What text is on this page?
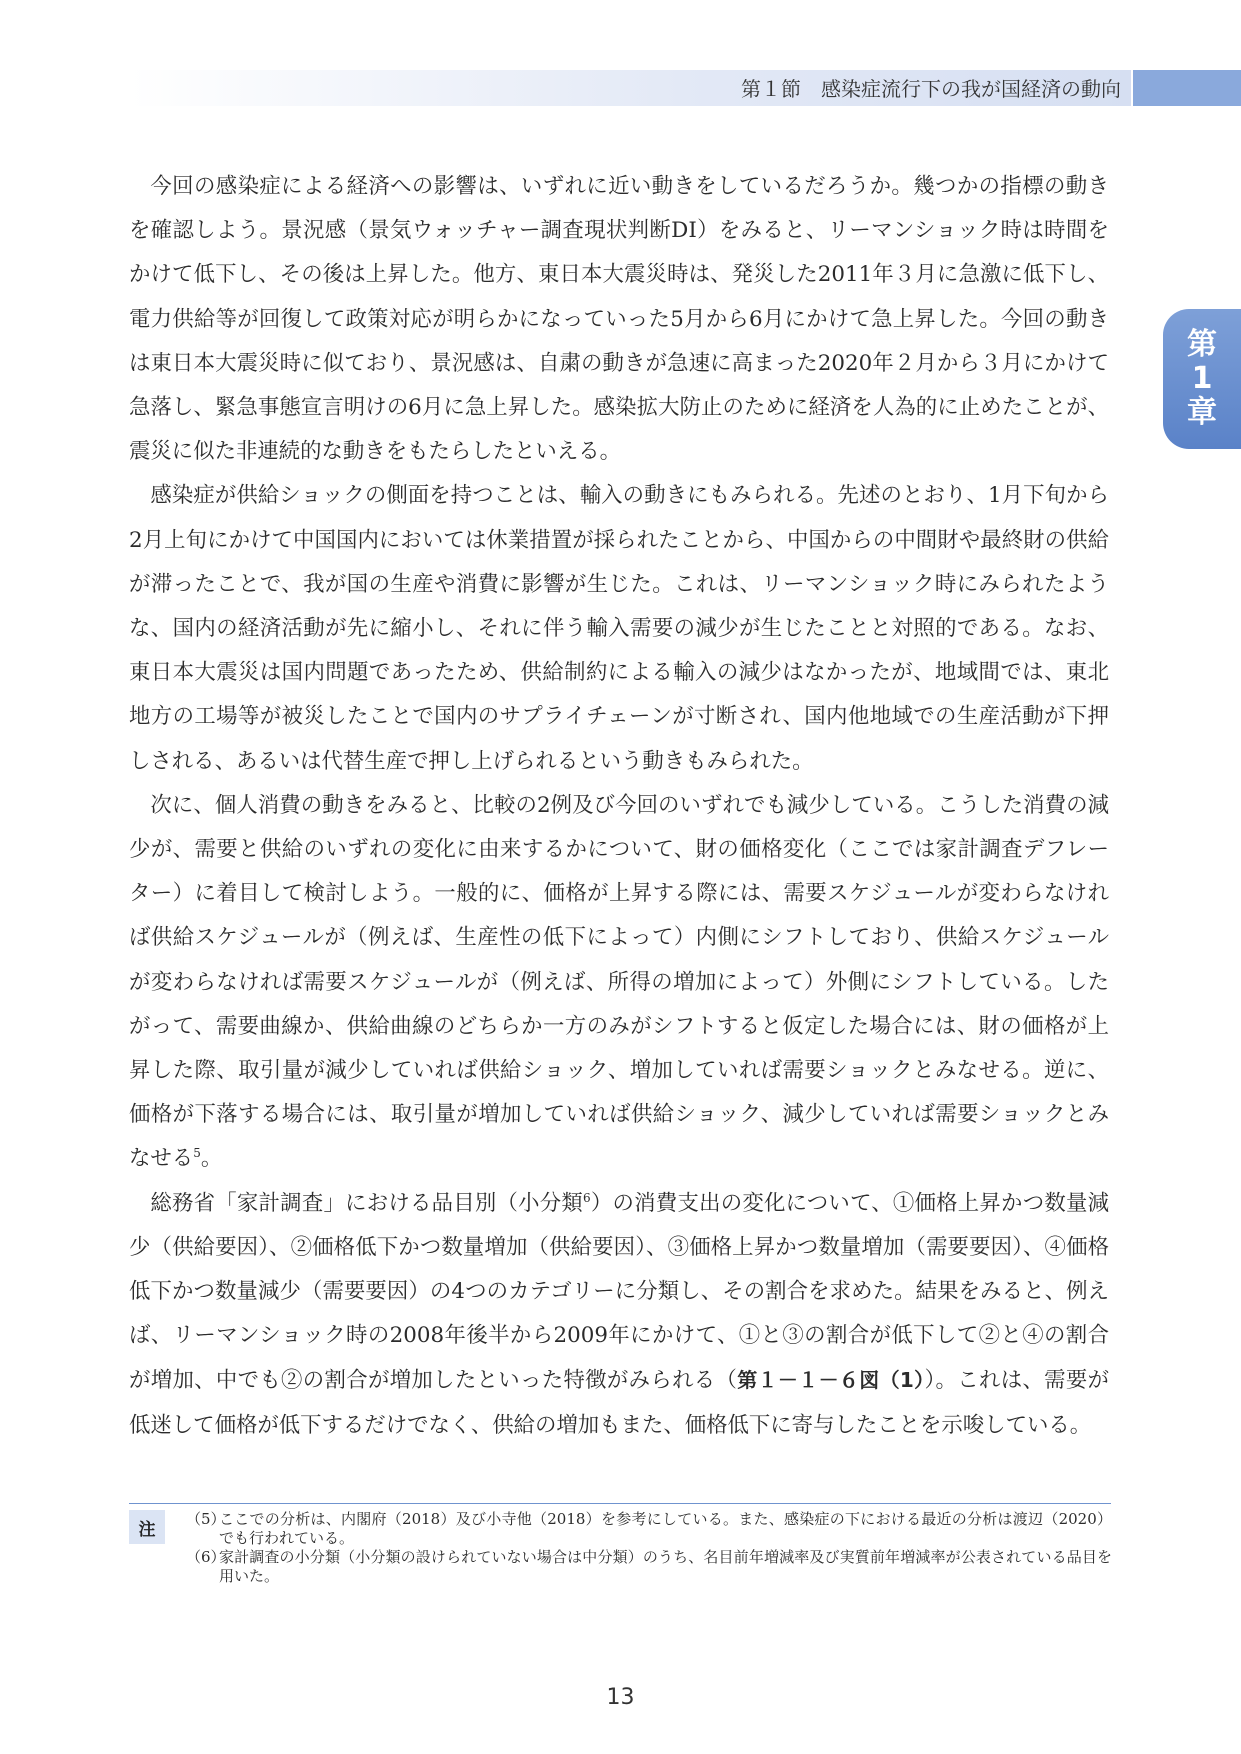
第１節　感染症流行下の我が国経済の動向
第1章

今回の感染症による経済への影響は、いずれに近い動きをしているだろうか。幾つかの指標の動きを確認しよう。景況感（景気ウォッチャー調査現状判断DI）をみると、リーマンショック時は時間をかけて低下し、その後は上昇した。他方、東日本大震災時は、発災した2011年３月に急激に低下し、電力供給等が回復して政策対応が明らかになっていった5月から6月にかけて急上昇した。今回の動きは東日本大震災時に似ており、景況感は、自粛の動きが急速に高まった2020年２月から３月にかけて急落し、緊急事態宣言明けの6月に急上昇した。感染拡大防止のために経済を人為的に止めたことが、震災に似た非連続的な動きをもたらしたといえる。

感染症が供給ショックの側面を持つことは、輸入の動きにもみられる。先述のとおり、1月下旬から2月上旬にかけて中国国内においては休業措置が採られたことから、中国からの中間財や最終財の供給が滞ったことで、我が国の生産や消費に影響が生じた。これは、リーマンショック時にみられたような、国内の経済活動が先に縮小し、それに伴う輸入需要の減少が生じたことと対照的である。なお、東日本大震災は国内問題であったため、供給制約による輸入の減少はなかったが、地域間では、東北地方の工場等が被災したことで国内のサプライチェーンが寸断され、国内他地域での生産活動が下押しされる、あるいは代替生産で押し上げられるという動きもみられた。

次に、個人消費の動きをみると、比較の2例及び今回のいずれでも減少している。こうした消費の減少が、需要と供給のいずれの変化に由来するかについて、財の価格変化（ここでは家計調査デフレーター）に着目して検討しよう。一般的に、価格が上昇する際には、需要スケジュールが変わらなければ供給スケジュールが（例えば、生産性の低下によって）内側にシフトしており、供給スケジュールが変わらなければ需要スケジュールが（例えば、所得の増加によって）外側にシフトしている。したがって、需要曲線か、供給曲線のどちらか一方のみがシフトすると仮定した場合には、財の価格が上昇した際、取引量が減少していれば供給ショック、増加していれば需要ショックとみなせる。逆に、価格が下落する場合には、取引量が増加していれば供給ショック、減少していれば需要ショックとみなせる$^5$。

総務省「家計調査」における品目別（小分類$^6$）の消費支出の変化について、①価格上昇かつ数量減少（供給要因）、②価格低下かつ数量増加（供給要因）、③価格上昇かつ数量増加（需要要因）、④価格低下かつ数量減少（需要要因）の4つのカテゴリーに分類し、その割合を求めた。結果をみると、例えば、リーマンショック時の2008年後半から2009年にかけて、①と③の割合が低下して②と④の割合が増加、中でも②の割合が増加したといった特徴がみられる（第１－１－６図（1））。これは、需要が低迷して価格が低下するだけでなく、供給の増加もまた、価格低下に寄与したことを示唆している。

注
（5）
ここでの分析は、内閣府（2018）及び小寺他（2018）を参考にしている。また、感染症の下における最近の分析は渡辺（2020）でも行われている。
（6）
家計調査の小分類（小分類の設けられていない場合は中分類）のうち、名目前年増減率及び実質前年増減率が公表されている品目を用いた。
13
